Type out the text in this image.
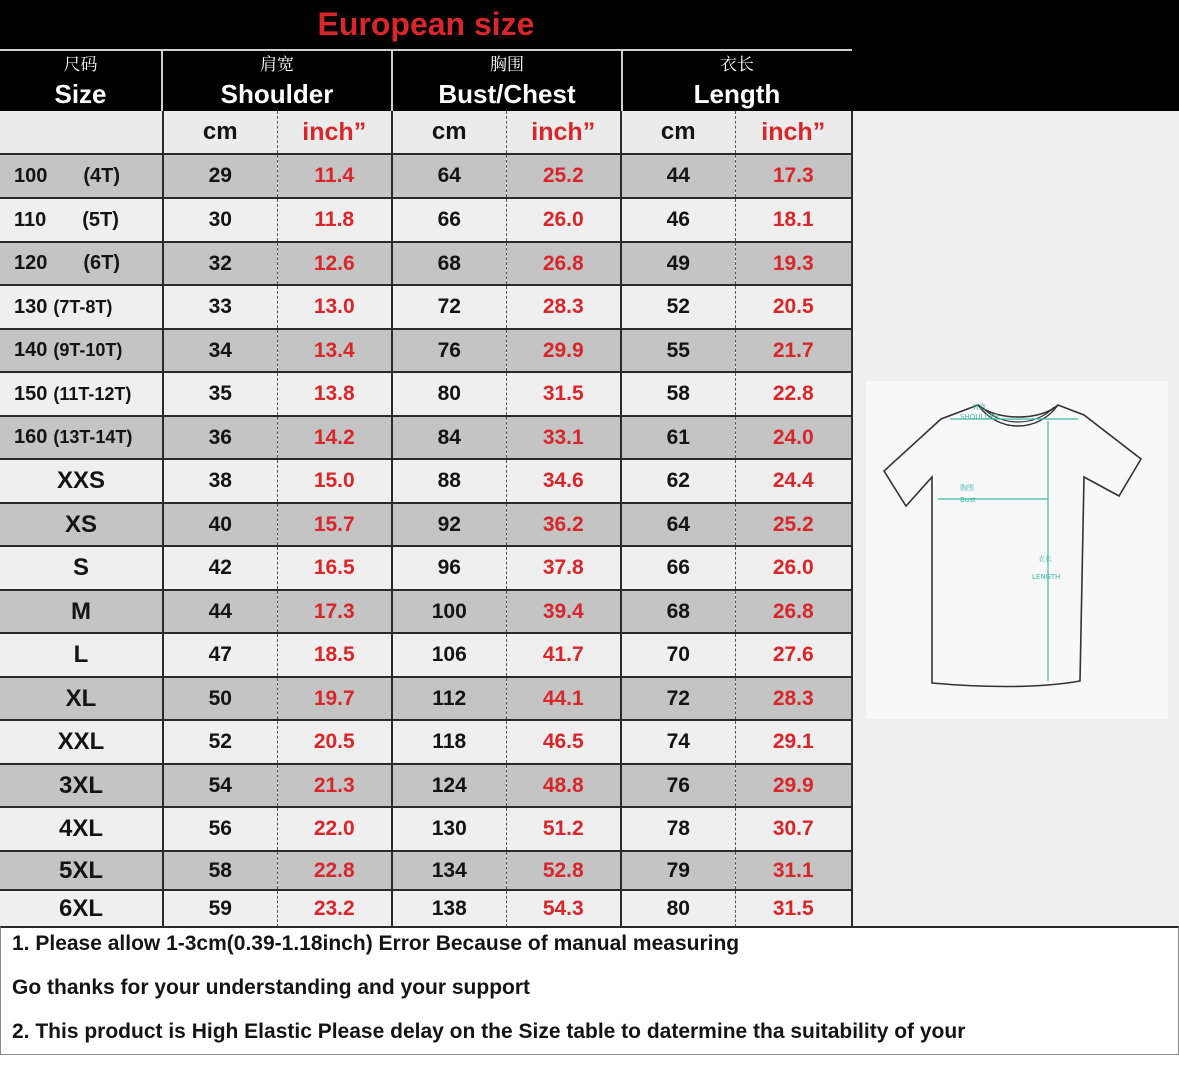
European size
尺码
Size
肩宽
Shoulder
胸围
Bust/Chest
衣长
Length
	cm	inch”	cm	inch”	cm	inch”
100 (4T)	29	11.4	64	25.2	44	17.3
110 (5T)	30	11.8	66	26.0	46	18.1
120 (6T)	32	12.6	68	26.8	49	19.3
130 (7T-8T)	33	13.0	72	28.3	52	20.5
140 (9T-10T)	34	13.4	76	29.9	55	21.7
150 (11T-12T)	35	13.8	80	31.5	58	22.8
160 (13T-14T)	36	14.2	84	33.1	61	24.0
XXS	38	15.0	88	34.6	62	24.4
XS	40	15.7	92	36.2	64	25.2
S	42	16.5	96	37.8	66	26.0
M	44	17.3	100	39.4	68	26.8
L	47	18.5	106	41.7	70	27.6
XL	50	19.7	112	44.1	72	28.3
XXL	52	20.5	118	46.5	74	29.1
3XL	54	21.3	124	48.8	76	29.9
4XL	56	22.0	130	51.2	78	30.7
5XL	58	22.8	134	52.8	79	31.1
6XL	59	23.2	138	54.3	80	31.5
肩宽
SHOULDER
胸围
Bust
衣长
LENGTH
1. Please allow 1-3cm(0.39-1.18inch) Error Because of manual measuring
Go thanks for your understanding and your support
2. This product is High Elastic Please delay on the Size table to datermine tha suitability of your
